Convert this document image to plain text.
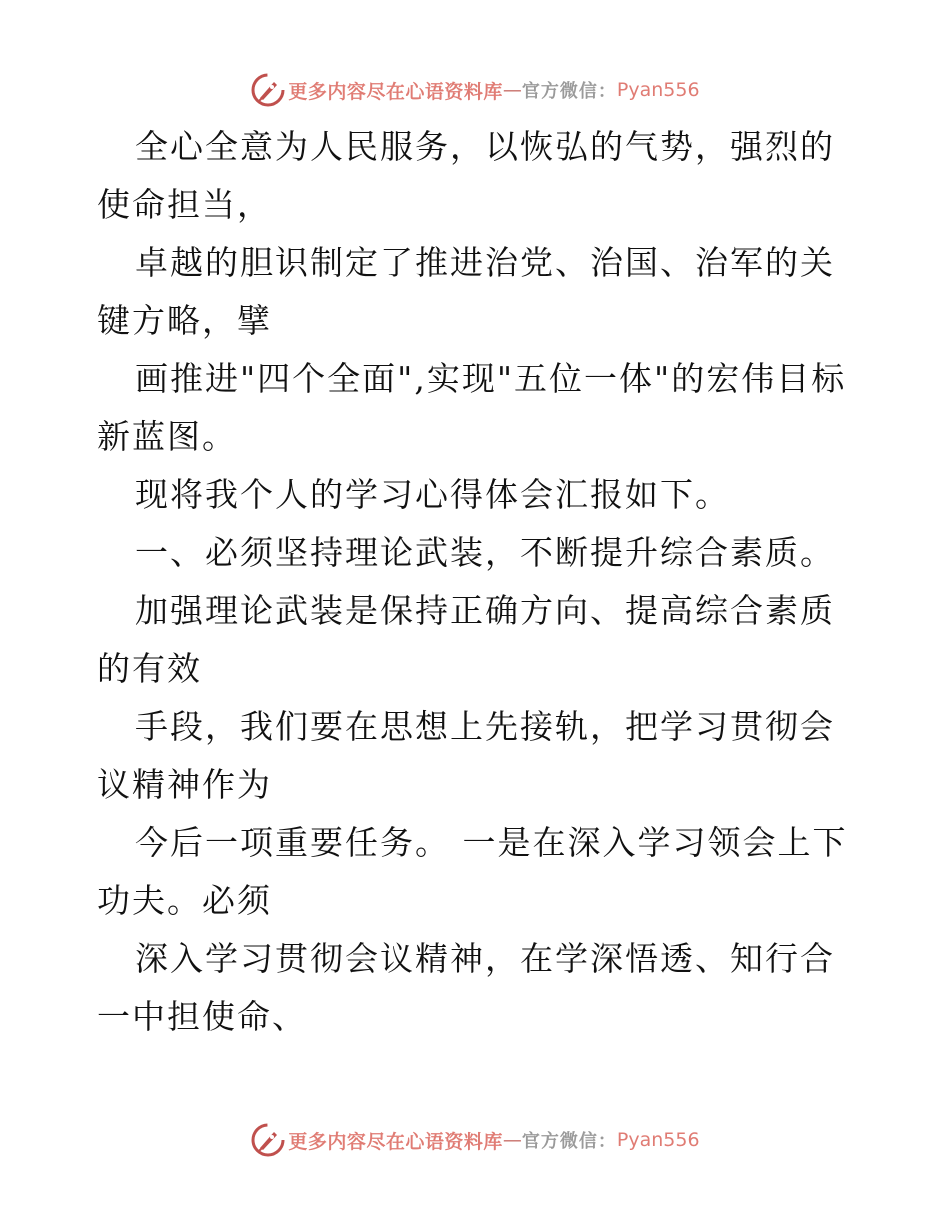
更多内容尽在心语资料库 — 官方微信： Pyan556

全心全意为人民服务，以恢弘的气势，强烈的使命担当，

卓越的胆识制定了推进治党、治国、治军的关键方略，擘

画推进"四个全面",实现"五位一体"的宏伟目标新蓝图。

现将我个人的学习心得体会汇报如下。

一、必须坚持理论武装，不断提升综合素质。

加强理论武装是保持正确方向、提高综合素质的有效

手段，我们要在思想上先接轨，把学习贯彻会议精神作为

今后一项重要任务。 一是在深入学习领会上下功夫。必须

深入学习贯彻会议精神，在学深悟透、知行合一中担使命、

更多内容尽在心语资料库 — 官方微信： Pyan556
